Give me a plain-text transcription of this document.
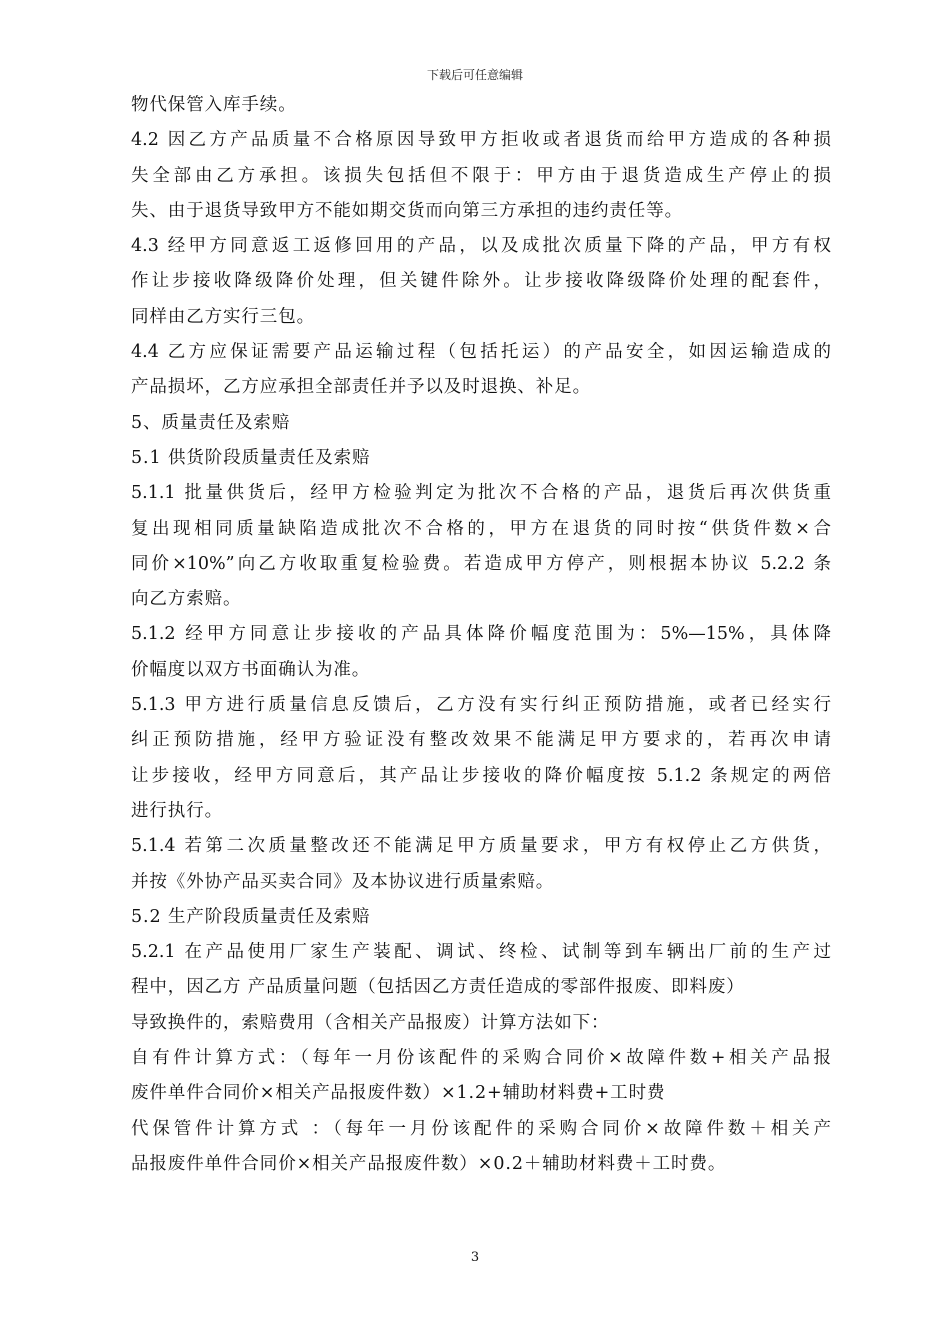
下载后可任意编辑
物代保管入库手续。
4.2 因乙方产品质量不合格原因导致甲方拒收或者退货而给甲方造成的各种损
失全部由乙方承担。该损失包括但不限于：甲方由于退货造成生产停止的损
失、由于退货导致甲方不能如期交货而向第三方承担的违约责任等。
4.3 经甲方同意返工返修回用的产品，以及成批次质量下降的产品，甲方有权
作让步接收降级降价处理，但关键件除外。让步接收降级降价处理的配套件，
同样由乙方实行三包。
4.4 乙方应保证需要产品运输过程（包括托运）的产品安全，如因运输造成的
产品损坏，乙方应承担全部责任并予以及时退换、补足。
5、质量责任及索赔
5.1 供货阶段质量责任及索赔
5.1.1 批量供货后，经甲方检验判定为批次不合格的产品，退货后再次供货重
复出现相同质量缺陷造成批次不合格的，甲方在退货的同时按“供货件数×合
同价×10%”向乙方收取重复检验费。若造成甲方停产，则根据本协议 5.2.2 条
向乙方索赔。
5.1.2 经甲方同意让步接收的产品具体降价幅度范围为：5%—15%，具体降
价幅度以双方书面确认为准。
5.1.3 甲方进行质量信息反馈后，乙方没有实行纠正预防措施，或者已经实行
纠正预防措施，经甲方验证没有整改效果不能满足甲方要求的，若再次申请
让步接收，经甲方同意后，其产品让步接收的降价幅度按 5.1.2 条规定的两倍
进行执行。
5.1.4 若第二次质量整改还不能满足甲方质量要求，甲方有权停止乙方供货，
并按《外协产品买卖合同》及本协议进行质量索赔。
5.2 生产阶段质量责任及索赔
5.2.1 在产品使用厂家生产装配、调试、终检、试制等到车辆出厂前的生产过
程中，因乙方 产品质量问题（包括因乙方责任造成的零部件报废、即料废）
导致换件的，索赔费用（含相关产品报废）计算方法如下：
自有件计算方式：（每年一月份该配件的采购合同价×故障件数+相关产品报
废件单件合同价×相关产品报废件数）×1.2+辅助材料费+工时费
代保管件计算方式 ：（每年一月份该配件的采购合同价×故障件数＋相关产
品报废件单件合同价×相关产品报废件数）×0.2＋辅助材料费＋工时费。
3
